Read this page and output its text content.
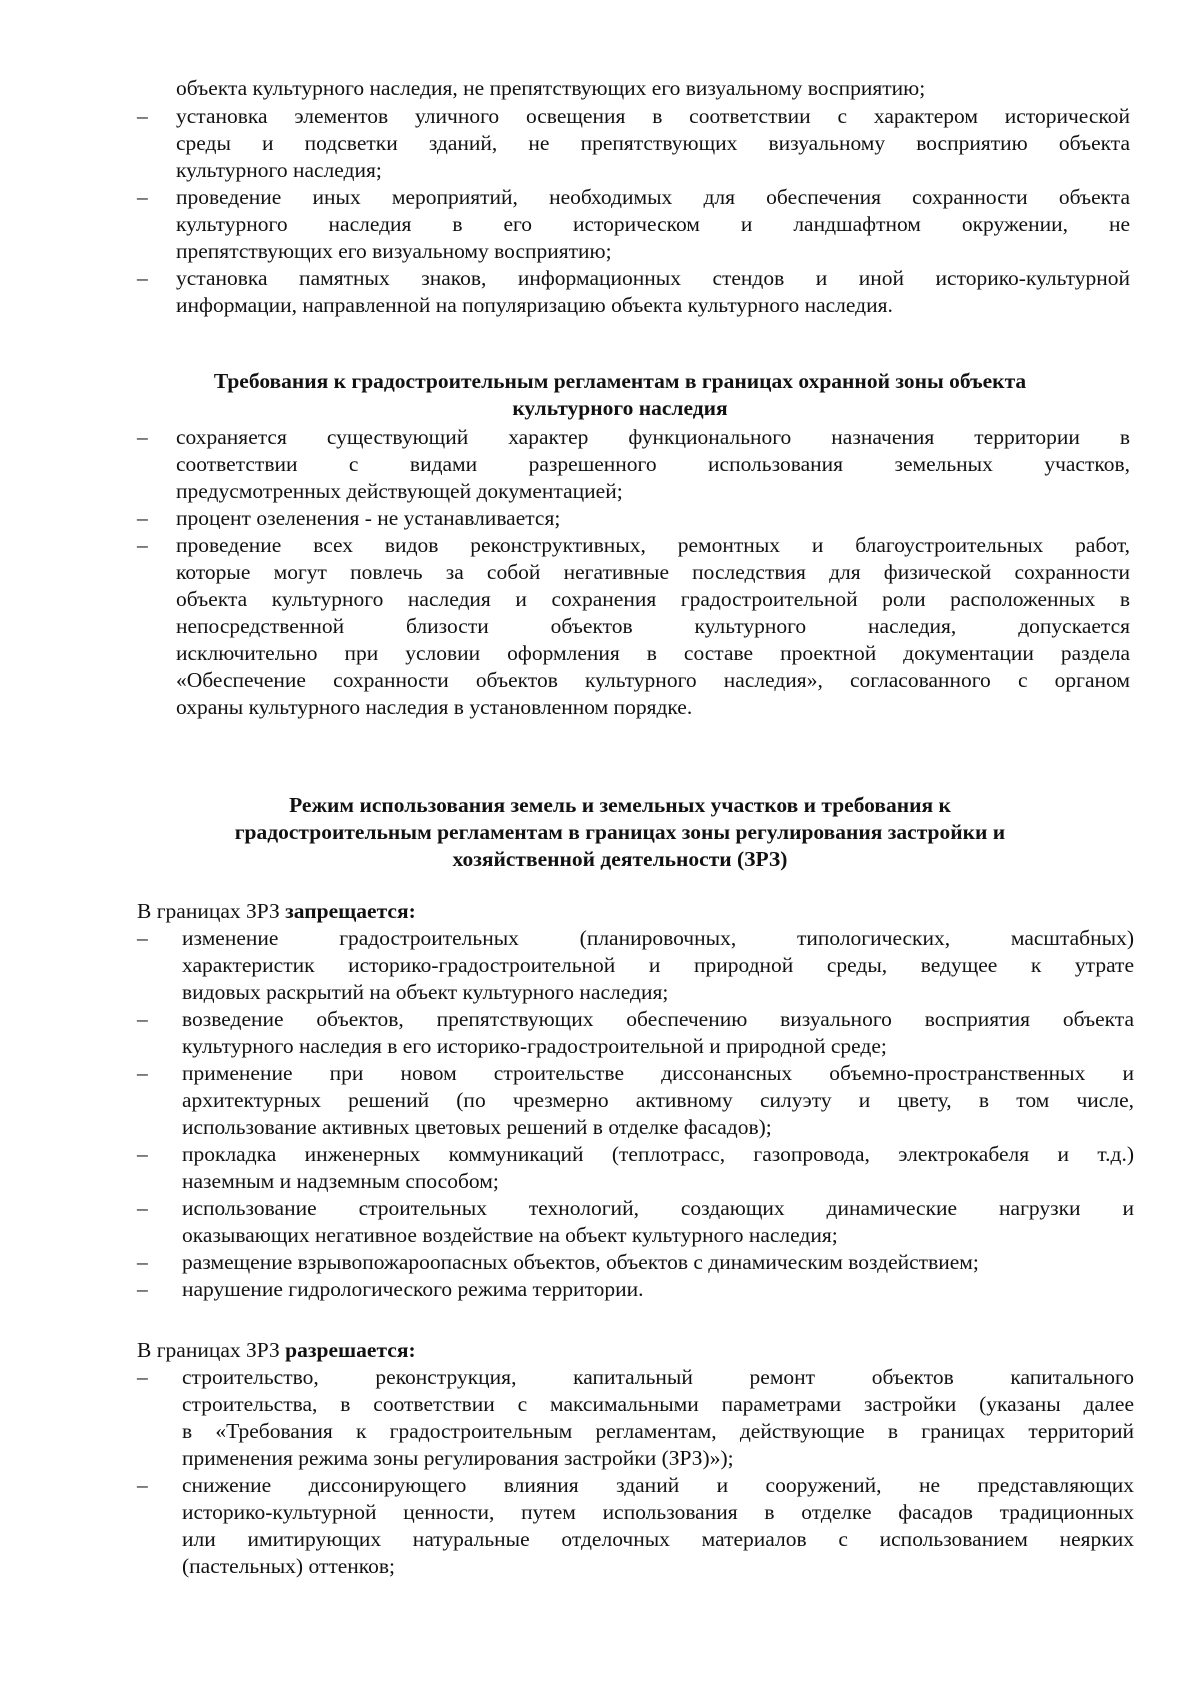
объекта культурного наследия, не препятствующих его визуальному восприятию;
– установка элементов уличного освещения в соответствии с характером исторической
среды и подсветки зданий, не препятствующих визуальному восприятию объекта
культурного наследия;
– проведение иных мероприятий, необходимых для обеспечения сохранности объекта
культурного наследия в его историческом и ландшафтном окружении, не
препятствующих его визуальному восприятию;
– установка памятных знаков, информационных стендов и иной историко-культурной
информации, направленной на популяризацию объекта культурного наследия.
Требования к градостроительным регламентам в границах охранной зоны объекта
культурного наследия
– сохраняется существующий характер функционального назначения территории в
соответствии с видами разрешенного использования земельных участков,
предусмотренных действующей документацией;
– процент озеленения - не устанавливается;
– проведение всех видов реконструктивных, ремонтных и благоустроительных работ,
которые могут повлечь за собой негативные последствия для физической сохранности
объекта культурного наследия и сохранения градостроительной роли расположенных в
непосредственной близости объектов культурного наследия, допускается
исключительно при условии оформления в составе проектной документации раздела
«Обеспечение сохранности объектов культурного наследия», согласованного с органом
охраны культурного наследия в установленном порядке.
Режим использования земель и земельных участков и требования к
градостроительным регламентам в границах зоны регулирования застройки и
хозяйственной деятельности (ЗРЗ)
В границах ЗРЗ запрещается:
– изменение градостроительных (планировочных, типологических, масштабных)
характеристик историко-градостроительной и природной среды, ведущее к утрате
видовых раскрытий на объект культурного наследия;
– возведение объектов, препятствующих обеспечению визуального восприятия объекта
культурного наследия в его историко-градостроительной и природной среде;
– применение при новом строительстве диссонансных объемно-пространственных и
архитектурных решений (по чрезмерно активному силуэту и цвету, в том числе,
использование активных цветовых решений в отделке фасадов);
– прокладка инженерных коммуникаций (теплотрасс, газопровода, электрокабеля и т.д.)
наземным и надземным способом;
– использование строительных технологий, создающих динамические нагрузки и
оказывающих негативное воздействие на объект культурного наследия;
– размещение взрывопожароопасных объектов, объектов с динамическим воздействием;
– нарушение гидрологического режима территории.
В границах ЗРЗ разрешается:
– строительство, реконструкция, капитальный ремонт объектов капитального
строительства, в соответствии с максимальными параметрами застройки (указаны далее
в «Требования к градостроительным регламентам, действующие в границах территорий
применения режима зоны регулирования застройки (ЗРЗ)»);
– снижение диссонирующего влияния зданий и сооружений, не представляющих
историко-культурной ценности, путем использования в отделке фасадов традиционных
или имитирующих натуральные отделочных материалов с использованием неярких
(пастельных) оттенков;
